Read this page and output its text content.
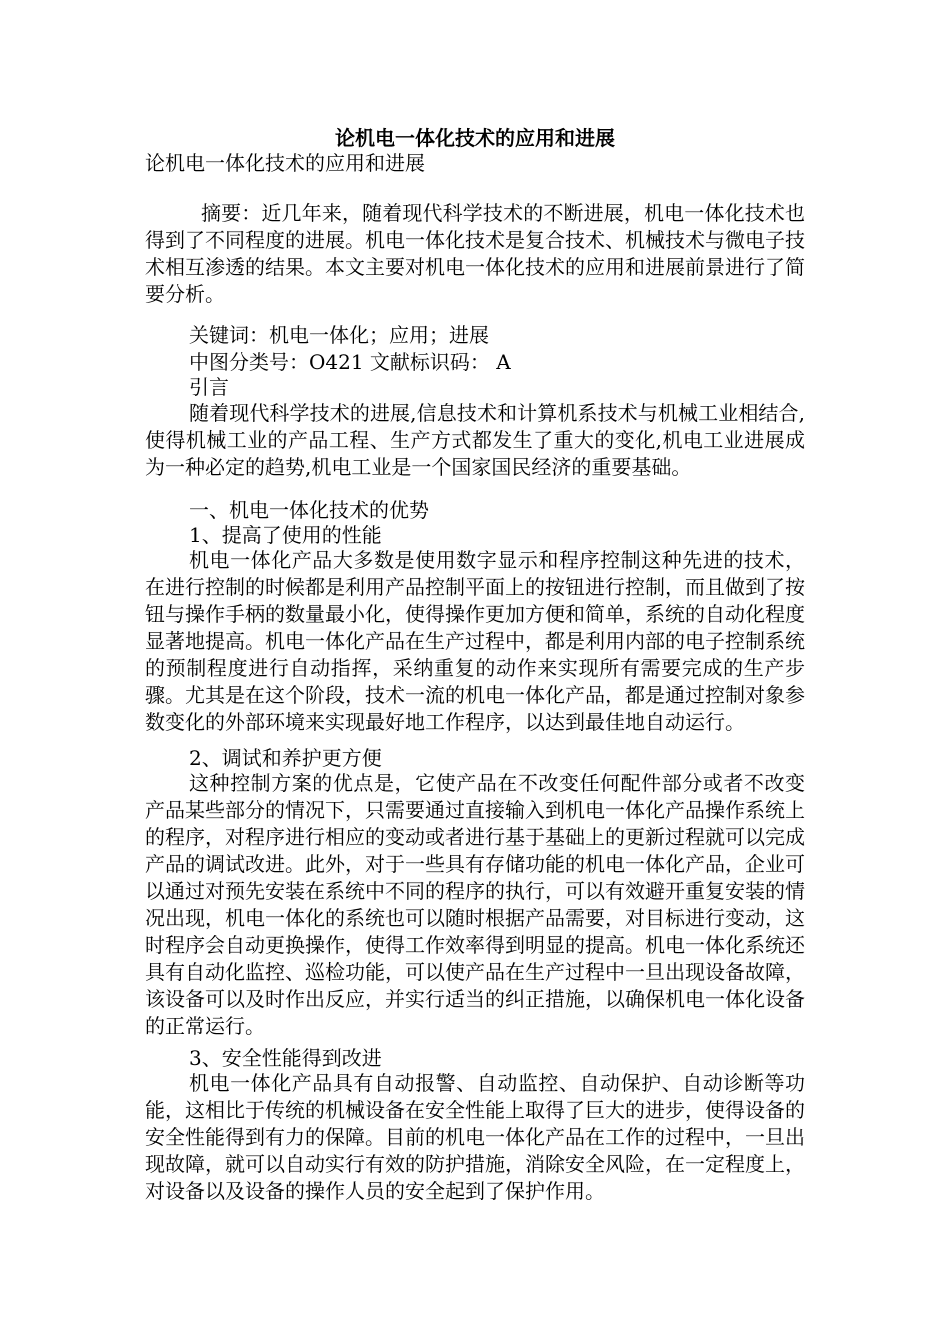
论机电一体化技术的应用和进展
论机电一体化技术的应用和进展
摘要：近几年来，随着现代科学技术的不断进展，机电一体化技术也得到了不同程度的进展。机电一体化技术是复合技术、机械技术与微电子技术相互渗透的结果。本文主要对机电一体化技术的应用和进展前景进行了简要分析。
关键词：机电一体化；应用；进展
中图分类号：O421 文献标识码： A
引言
随着现代科学技术的进展,信息技术和计算机系技术与机械工业相结合,使得机械工业的产品工程、生产方式都发生了重大的变化,机电工业进展成为一种必定的趋势,机电工业是一个国家国民经济的重要基础。
一、机电一体化技术的优势
1、提高了使用的性能
机电一体化产品大多数是使用数字显示和程序控制这种先进的技术，在进行控制的时候都是利用产品控制平面上的按钮进行控制，而且做到了按钮与操作手柄的数量最小化，使得操作更加方便和简单，系统的自动化程度显著地提高。机电一体化产品在生产过程中，都是利用内部的电子控制系统的预制程度进行自动指挥，采纳重复的动作来实现所有需要完成的生产步骤。尤其是在这个阶段，技术一流的机电一体化产品，都是通过控制对象参数变化的外部环境来实现最好地工作程序，以达到最佳地自动运行。
2、调试和养护更方便
这种控制方案的优点是，它使产品在不改变任何配件部分或者不改变产品某些部分的情况下，只需要通过直接输入到机电一体化产品操作系统上的程序，对程序进行相应的变动或者进行基于基础上的更新过程就可以完成产品的调试改进。此外，对于一些具有存储功能的机电一体化产品，企业可以通过对预先安装在系统中不同的程序的执行，可以有效避开重复安装的情况出现，机电一体化的系统也可以随时根据产品需要，对目标进行变动，这时程序会自动更换操作，使得工作效率得到明显的提高。机电一体化系统还具有自动化监控、巡检功能，可以使产品在生产过程中一旦出现设备故障，该设备可以及时作出反应，并实行适当的纠正措施，以确保机电一体化设备的正常运行。
3、安全性能得到改进
机电一体化产品具有自动报警、自动监控、自动保护、自动诊断等功能，这相比于传统的机械设备在安全性能上取得了巨大的进步，使得设备的安全性能得到有力的保障。目前的机电一体化产品在工作的过程中，一旦出现故障，就可以自动实行有效的防护措施，消除安全风险，在一定程度上，对设备以及设备的操作人员的安全起到了保护作用。
